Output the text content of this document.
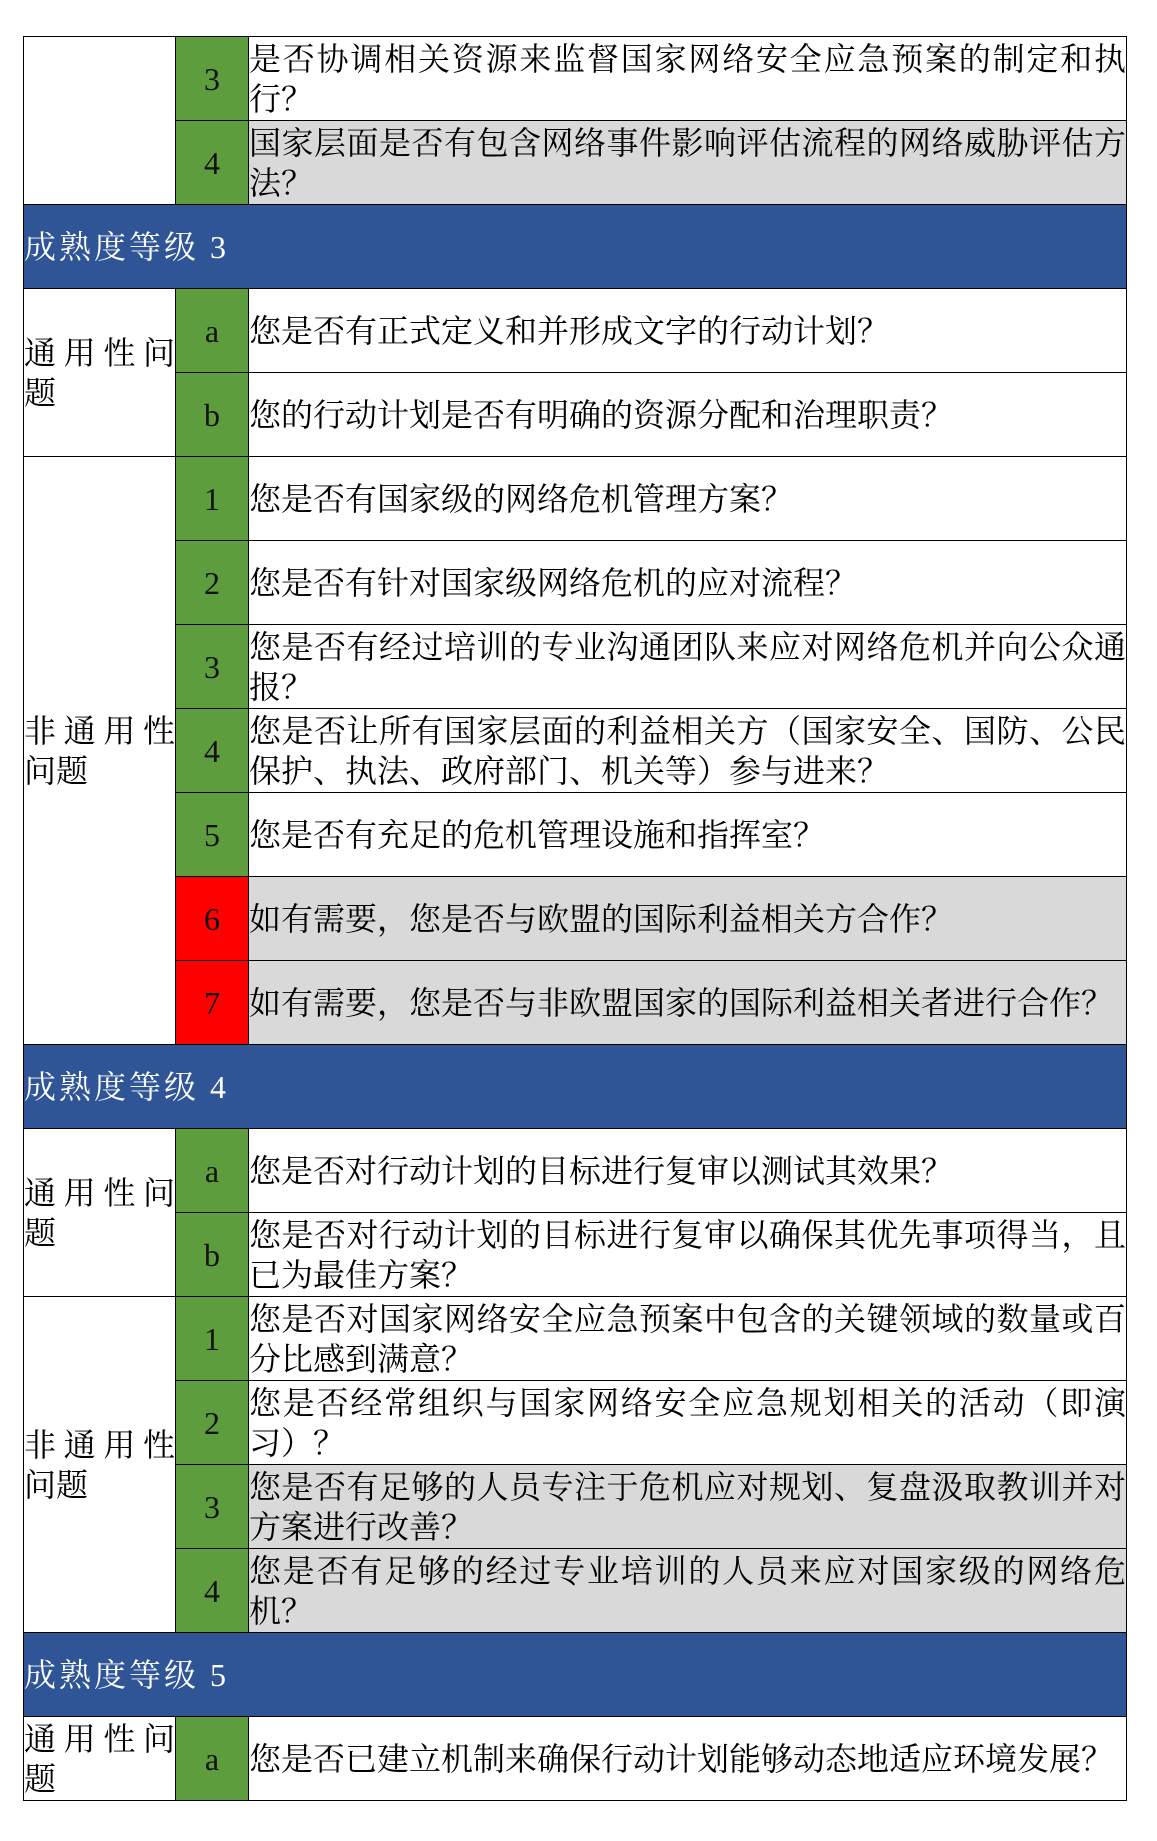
	3	是否协调相关资源来监督国家网络安全应急预案的制定和执行？
	4	国家层面是否有包含网络事件影响评估流程的网络威胁评估方法？
成熟度等级 3		
通用性问题	a	您是否有正式定义和并形成文字的行动计划？
	b	您的行动计划是否有明确的资源分配和治理职责？
非通用性问题	1	您是否有国家级的网络危机管理方案？
	2	您是否有针对国家级网络危机的应对流程？
	3	您是否有经过培训的专业沟通团队来应对网络危机并向公众通报？
	4	您是否让所有国家层面的利益相关方（国家安全、国防、公民保护、执法、政府部门、机关等）参与进来？
	5	您是否有充足的危机管理设施和指挥室？
	6	如有需要，您是否与欧盟的国际利益相关方合作？
	7	如有需要，您是否与非欧盟国家的国际利益相关者进行合作？
成熟度等级 4		
通用性问题	a	您是否对行动计划的目标进行复审以测试其效果？
	b	您是否对行动计划的目标进行复审以确保其优先事项得当，且已为最佳方案？
非通用性问题	1	您是否对国家网络安全应急预案中包含的关键领域的数量或百分比感到满意？
	2	您是否经常组织与国家网络安全应急规划相关的活动（即演习）？
	3	您是否有足够的人员专注于危机应对规划、复盘汲取教训并对方案进行改善？
	4	您是否有足够的经过专业培训的人员来应对国家级的网络危机？
成熟度等级 5		
通用性问题	a	您是否已建立机制来确保行动计划能够动态地适应环境发展？
